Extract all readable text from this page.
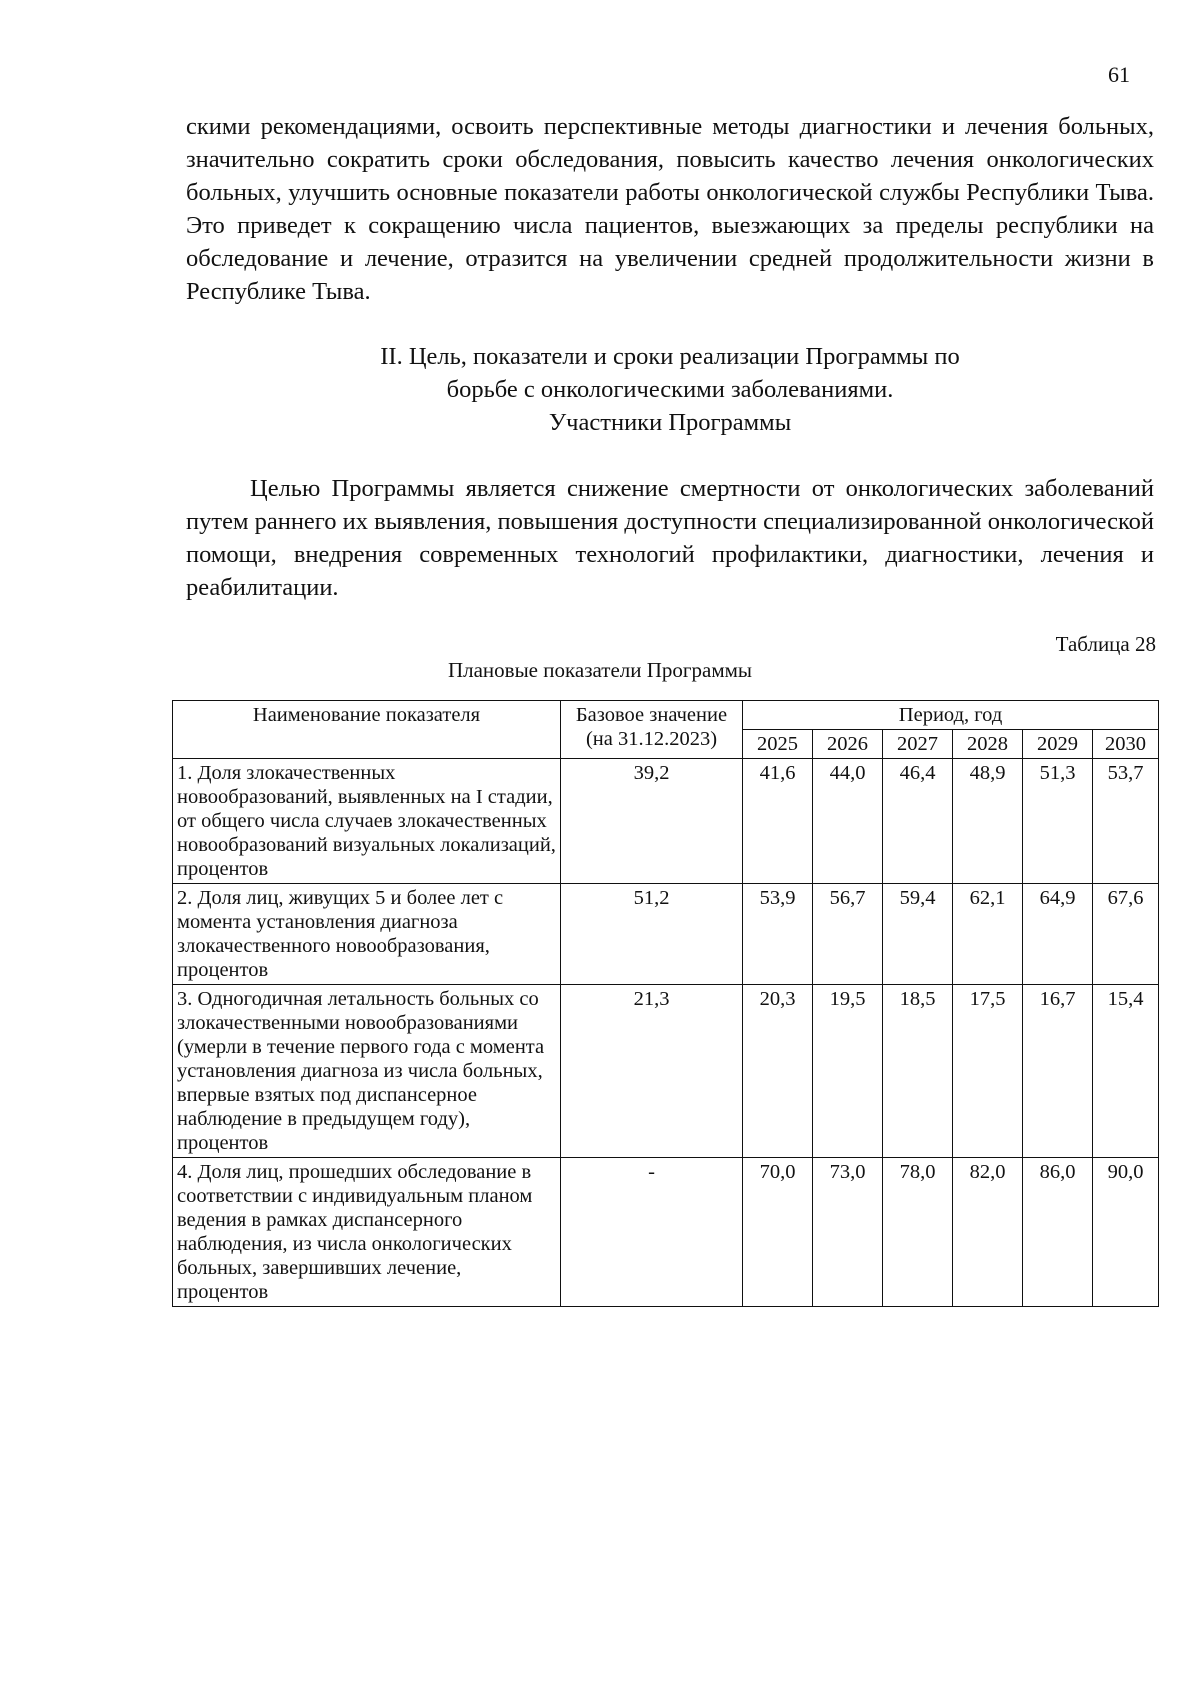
61
скими рекомендациями, освоить перспективные методы диагностики и лечения больных, значительно сократить сроки обследования, повысить качество лечения онкологических больных, улучшить основные показатели работы онкологической службы Республики Тыва. Это приведет к сокращению числа пациентов, выезжающих за пределы республики на обследование и лечение, отразится на увеличении средней продолжительности жизни в Республике Тыва.
II. Цель, показатели и сроки реализации Программы по
борьбе с онкологическими заболеваниями.
Участники Программы
Целью Программы является снижение смертности от онкологических заболеваний путем раннего их выявления, повышения доступности специализированной онкологической помощи, внедрения современных технологий профилактики, диагностики, лечения и реабилитации.
Таблица 28
Плановые показатели Программы
Наименование показателя	Базовое значение (на 31.12.2023)	Период, год					
		2025	2026	2027	2028	2029	2030
1. Доля злокачественных новообразований, выявленных на I стадии, от общего числа случаев злокачественных новообразований визуальных локализаций, процентов	39,2	41,6	44,0	46,4	48,9	51,3	53,7
2. Доля лиц, живущих 5 и более лет с момента установления диагноза злокачественного новообразования, процентов	51,2	53,9	56,7	59,4	62,1	64,9	67,6
3. Одногодичная летальность больных со злокачественными новообразованиями (умерли в течение первого года с момента установления диагноза из числа больных, впервые взятых под диспансерное наблюдение в предыдущем году), процентов	21,3	20,3	19,5	18,5	17,5	16,7	15,4
4. Доля лиц, прошедших обследование в соответствии с индивидуальным планом ведения в рамках диспансерного наблюдения, из числа онкологических больных, завершивших лечение, процентов	-	70,0	73,0	78,0	82,0	86,0	90,0
